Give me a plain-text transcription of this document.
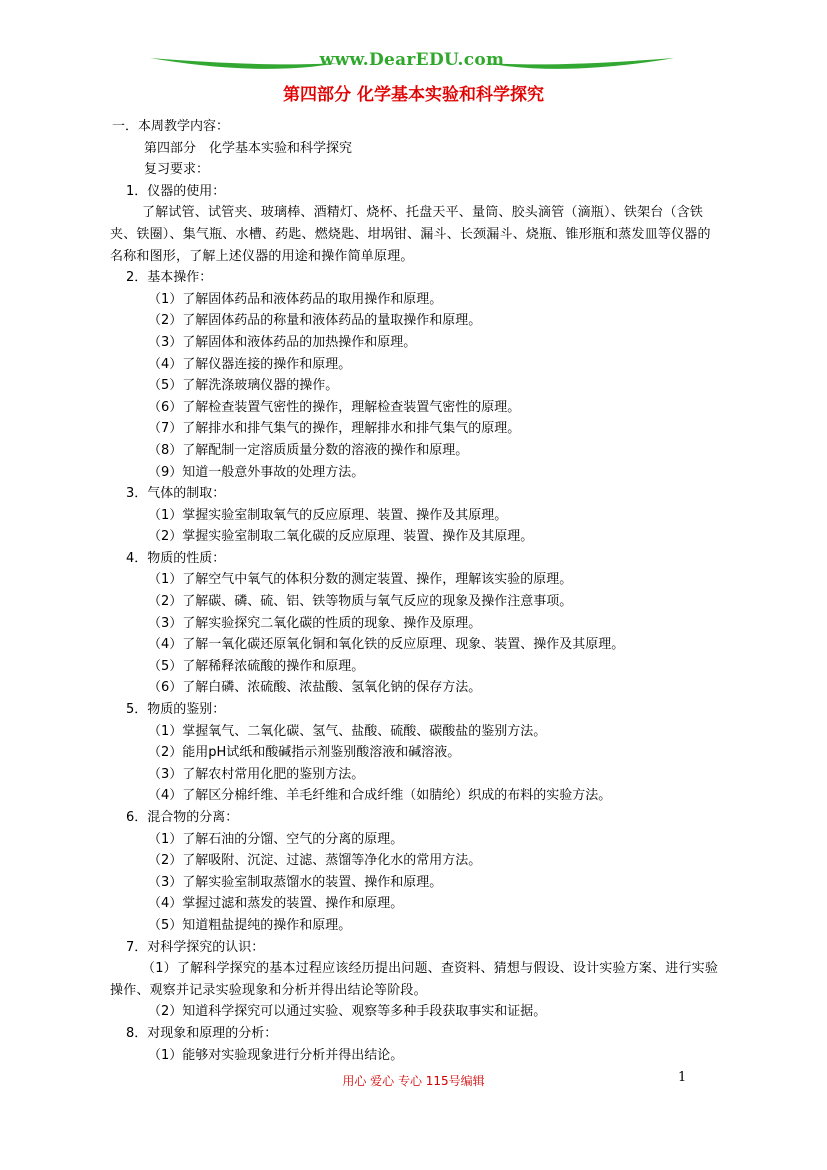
www.DearEDU.com
第四部分 化学基本实验和科学探究
一．本周教学内容：
第四部分　化学基本实验和科学探究
复习要求：
1．仪器的使用：
了解试管、试管夹、玻璃棒、酒精灯、烧杯、托盘天平、量筒、胶头滴管（滴瓶）、铁架台（含铁夹、铁圈）、集气瓶、水槽、药匙、燃烧匙、坩埚钳、漏斗、长颈漏斗、烧瓶、锥形瓶和蒸发皿等仪器的名称和图形，了解上述仪器的用途和操作简单原理。
2．基本操作：
（1）了解固体药品和液体药品的取用操作和原理。
（2）了解固体药品的称量和液体药品的量取操作和原理。
（3）了解固体和液体药品的加热操作和原理。
（4）了解仪器连接的操作和原理。
（5）了解洗涤玻璃仪器的操作。
（6）了解检查装置气密性的操作，理解检查装置气密性的原理。
（7）了解排水和排气集气的操作，理解排水和排气集气的原理。
（8）了解配制一定溶质质量分数的溶液的操作和原理。
（9）知道一般意外事故的处理方法。
3．气体的制取：
（1）掌握实验室制取氧气的反应原理、装置、操作及其原理。
（2）掌握实验室制取二氧化碳的反应原理、装置、操作及其原理。
4．物质的性质：
（1）了解空气中氧气的体积分数的测定装置、操作，理解该实验的原理。
（2）了解碳、磷、硫、铝、铁等物质与氧气反应的现象及操作注意事项。
（3）了解实验探究二氧化碳的性质的现象、操作及原理。
（4）了解一氧化碳还原氧化铜和氧化铁的反应原理、现象、装置、操作及其原理。
（5）了解稀释浓硫酸的操作和原理。
（6）了解白磷、浓硫酸、浓盐酸、氢氧化钠的保存方法。
5．物质的鉴别：
（1）掌握氧气、二氧化碳、氢气、盐酸、硫酸、碳酸盐的鉴别方法。
（2）能用pH试纸和酸碱指示剂鉴别酸溶液和碱溶液。
（3）了解农村常用化肥的鉴别方法。
（4）了解区分棉纤维、羊毛纤维和合成纤维（如腈纶）织成的布料的实验方法。
6．混合物的分离：
（1）了解石油的分馏、空气的分离的原理。
（2）了解吸附、沉淀、过滤、蒸馏等净化水的常用方法。
（3）了解实验室制取蒸馏水的装置、操作和原理。
（4）掌握过滤和蒸发的装置、操作和原理。
（5）知道粗盐提纯的操作和原理。
7．对科学探究的认识：
（1）了解科学探究的基本过程应该经历提出问题、查资料、猜想与假设、设计实验方案、进行实验操作、观察并记录实验现象和分析并得出结论等阶段。
（2）知道科学探究可以通过实验、观察等多种手段获取事实和证据。
8．对现象和原理的分析：
（1）能够对实验现象进行分析并得出结论。
用心 爱心 专心 115号编辑	1
